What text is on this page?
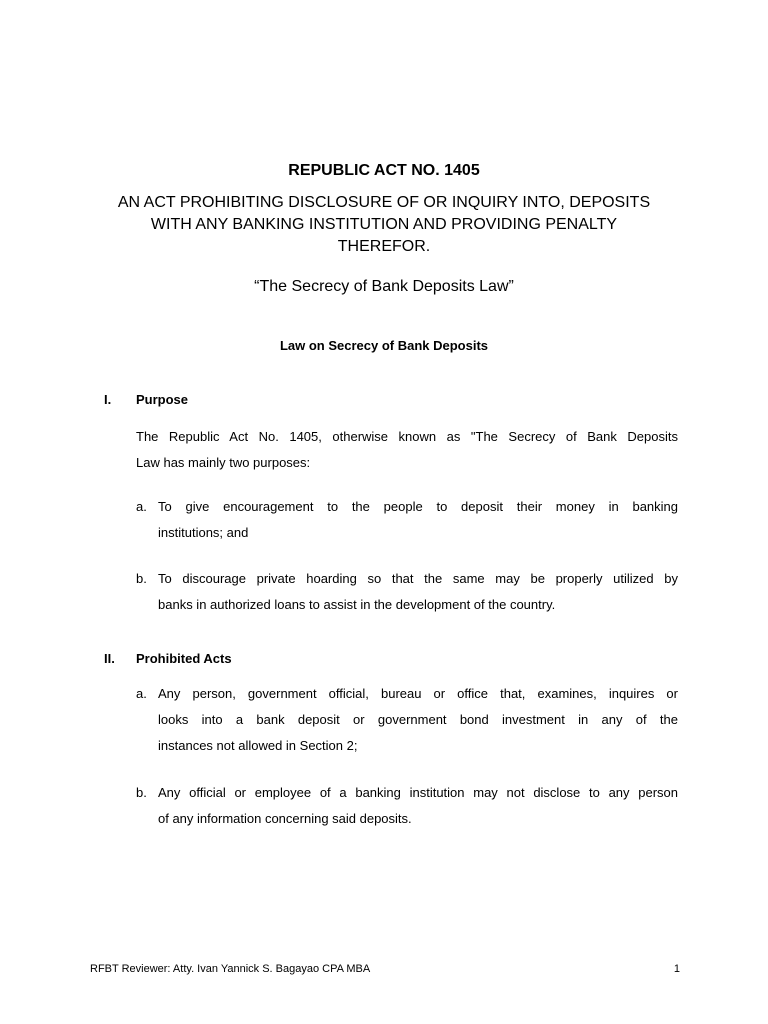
REPUBLIC ACT NO. 1405
AN ACT PROHIBITING DISCLOSURE OF OR INQUIRY INTO, DEPOSITS
WITH ANY BANKING INSTITUTION AND PROVIDING PENALTY
THEREFOR.
“The Secrecy of Bank Deposits Law”
Law on Secrecy of Bank Deposits
I. Purpose
The Republic Act No. 1405, otherwise known as "The Secrecy of Bank Deposits
Law has mainly two purposes:
a. To give encouragement to the people to deposit their money in banking
institutions; and
b. To discourage private hoarding so that the same may be properly utilized by
banks in authorized loans to assist in the development of the country.
II. Prohibited Acts
a. Any person, government official, bureau or office that, examines, inquires or
looks into a bank deposit or government bond investment in any of the
instances not allowed in Section 2;
b. Any official or employee of a banking institution may not disclose to any person
of any information concerning said deposits.
RFBT Reviewer: Atty. Ivan Yannick S. Bagayao CPA MBA	1
